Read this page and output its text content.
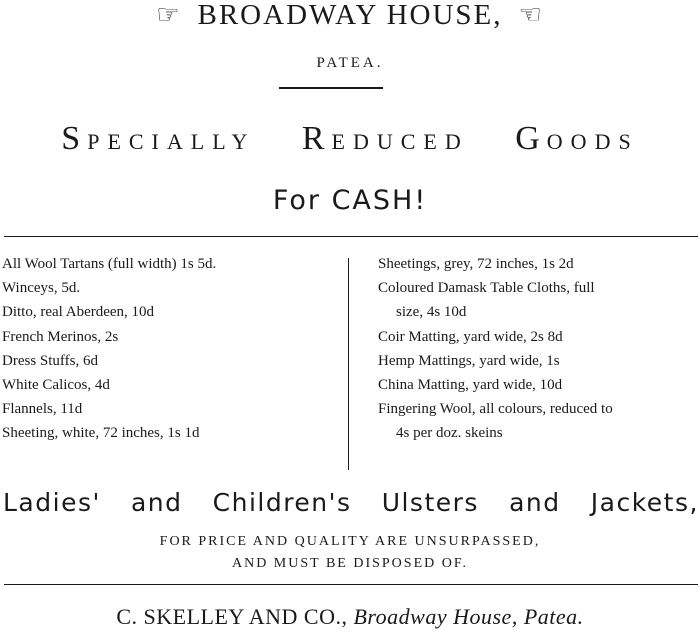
☞ BROADWAY HOUSE, ☜
PATEA.
SPECIALLY REDUCED GOODS
For CASH!
All Wool Tartans (full width) 1s 5d.
Winceys, 5d.
Ditto, real Aberdeen, 10d
French Merinos, 2s
Dress Stuffs, 6d
White Calicos, 4d
Flannels, 11d
Sheeting, white, 72 inches, 1s 1d
Sheetings, grey, 72 inches, 1s 2d
Coloured Damask Table Cloths, full
size, 4s 10d
Coir Matting, yard wide, 2s 8d
Hemp Mattings, yard wide, 1s
China Matting, yard wide, 10d
Fingering Wool, all colours, reduced to
4s per doz. skeins
Ladies' and Children's Ulsters and Jackets,
FOR PRICE AND QUALITY ARE UNSURPASSED,
AND MUST BE DISPOSED OF.
C. SKELLEY AND CO., Broadway House, Patea.
